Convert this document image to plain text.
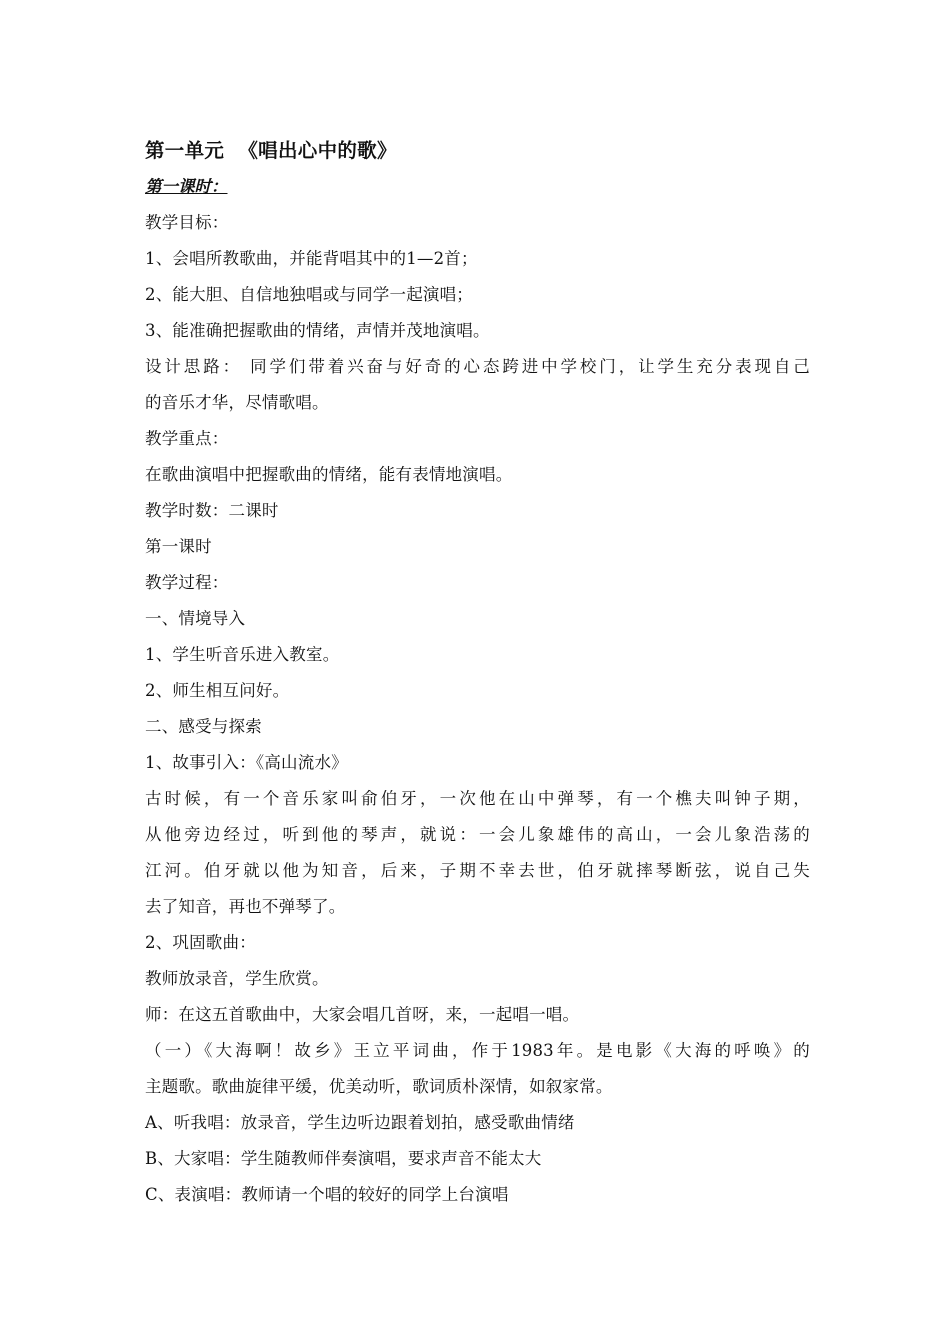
第一单元  《唱出心中的歌》
第一课时：
教学目标：
1、会唱所教歌曲，并能背唱其中的1—2首；
2、能大胆、自信地独唱或与同学一起演唱；
3、能准确把握歌曲的情绪，声情并茂地演唱。
设计思路： 同学们带着兴奋与好奇的心态跨进中学校门，让学生充分表现自己
的音乐才华，尽情歌唱。
教学重点：
在歌曲演唱中把握歌曲的情绪，能有表情地演唱。
教学时数：二课时
第一课时
教学过程：
一、情境导入
1、学生听音乐进入教室。
2、师生相互问好。
二、感受与探索
1、故事引入：《高山流水》
古时候，有一个音乐家叫俞伯牙，一次他在山中弹琴，有一个樵夫叫钟子期，
从他旁边经过，听到他的琴声，就说：一会儿象雄伟的高山，一会儿象浩荡的
江河。伯牙就以他为知音，后来，子期不幸去世，伯牙就摔琴断弦，说自己失
去了知音，再也不弹琴了。
2、巩固歌曲：
教师放录音，学生欣赏。
师：在这五首歌曲中，大家会唱几首呀，来，一起唱一唱。
（一）《大海啊！故乡》王立平词曲，作于1983年。是电影《大海的呼唤》的
主题歌。歌曲旋律平缓，优美动听，歌词质朴深情，如叙家常。
A、听我唱：放录音，学生边听边跟着划拍，感受歌曲情绪
B、大家唱：学生随教师伴奏演唱，要求声音不能太大
C、表演唱：教师请一个唱的较好的同学上台演唱
